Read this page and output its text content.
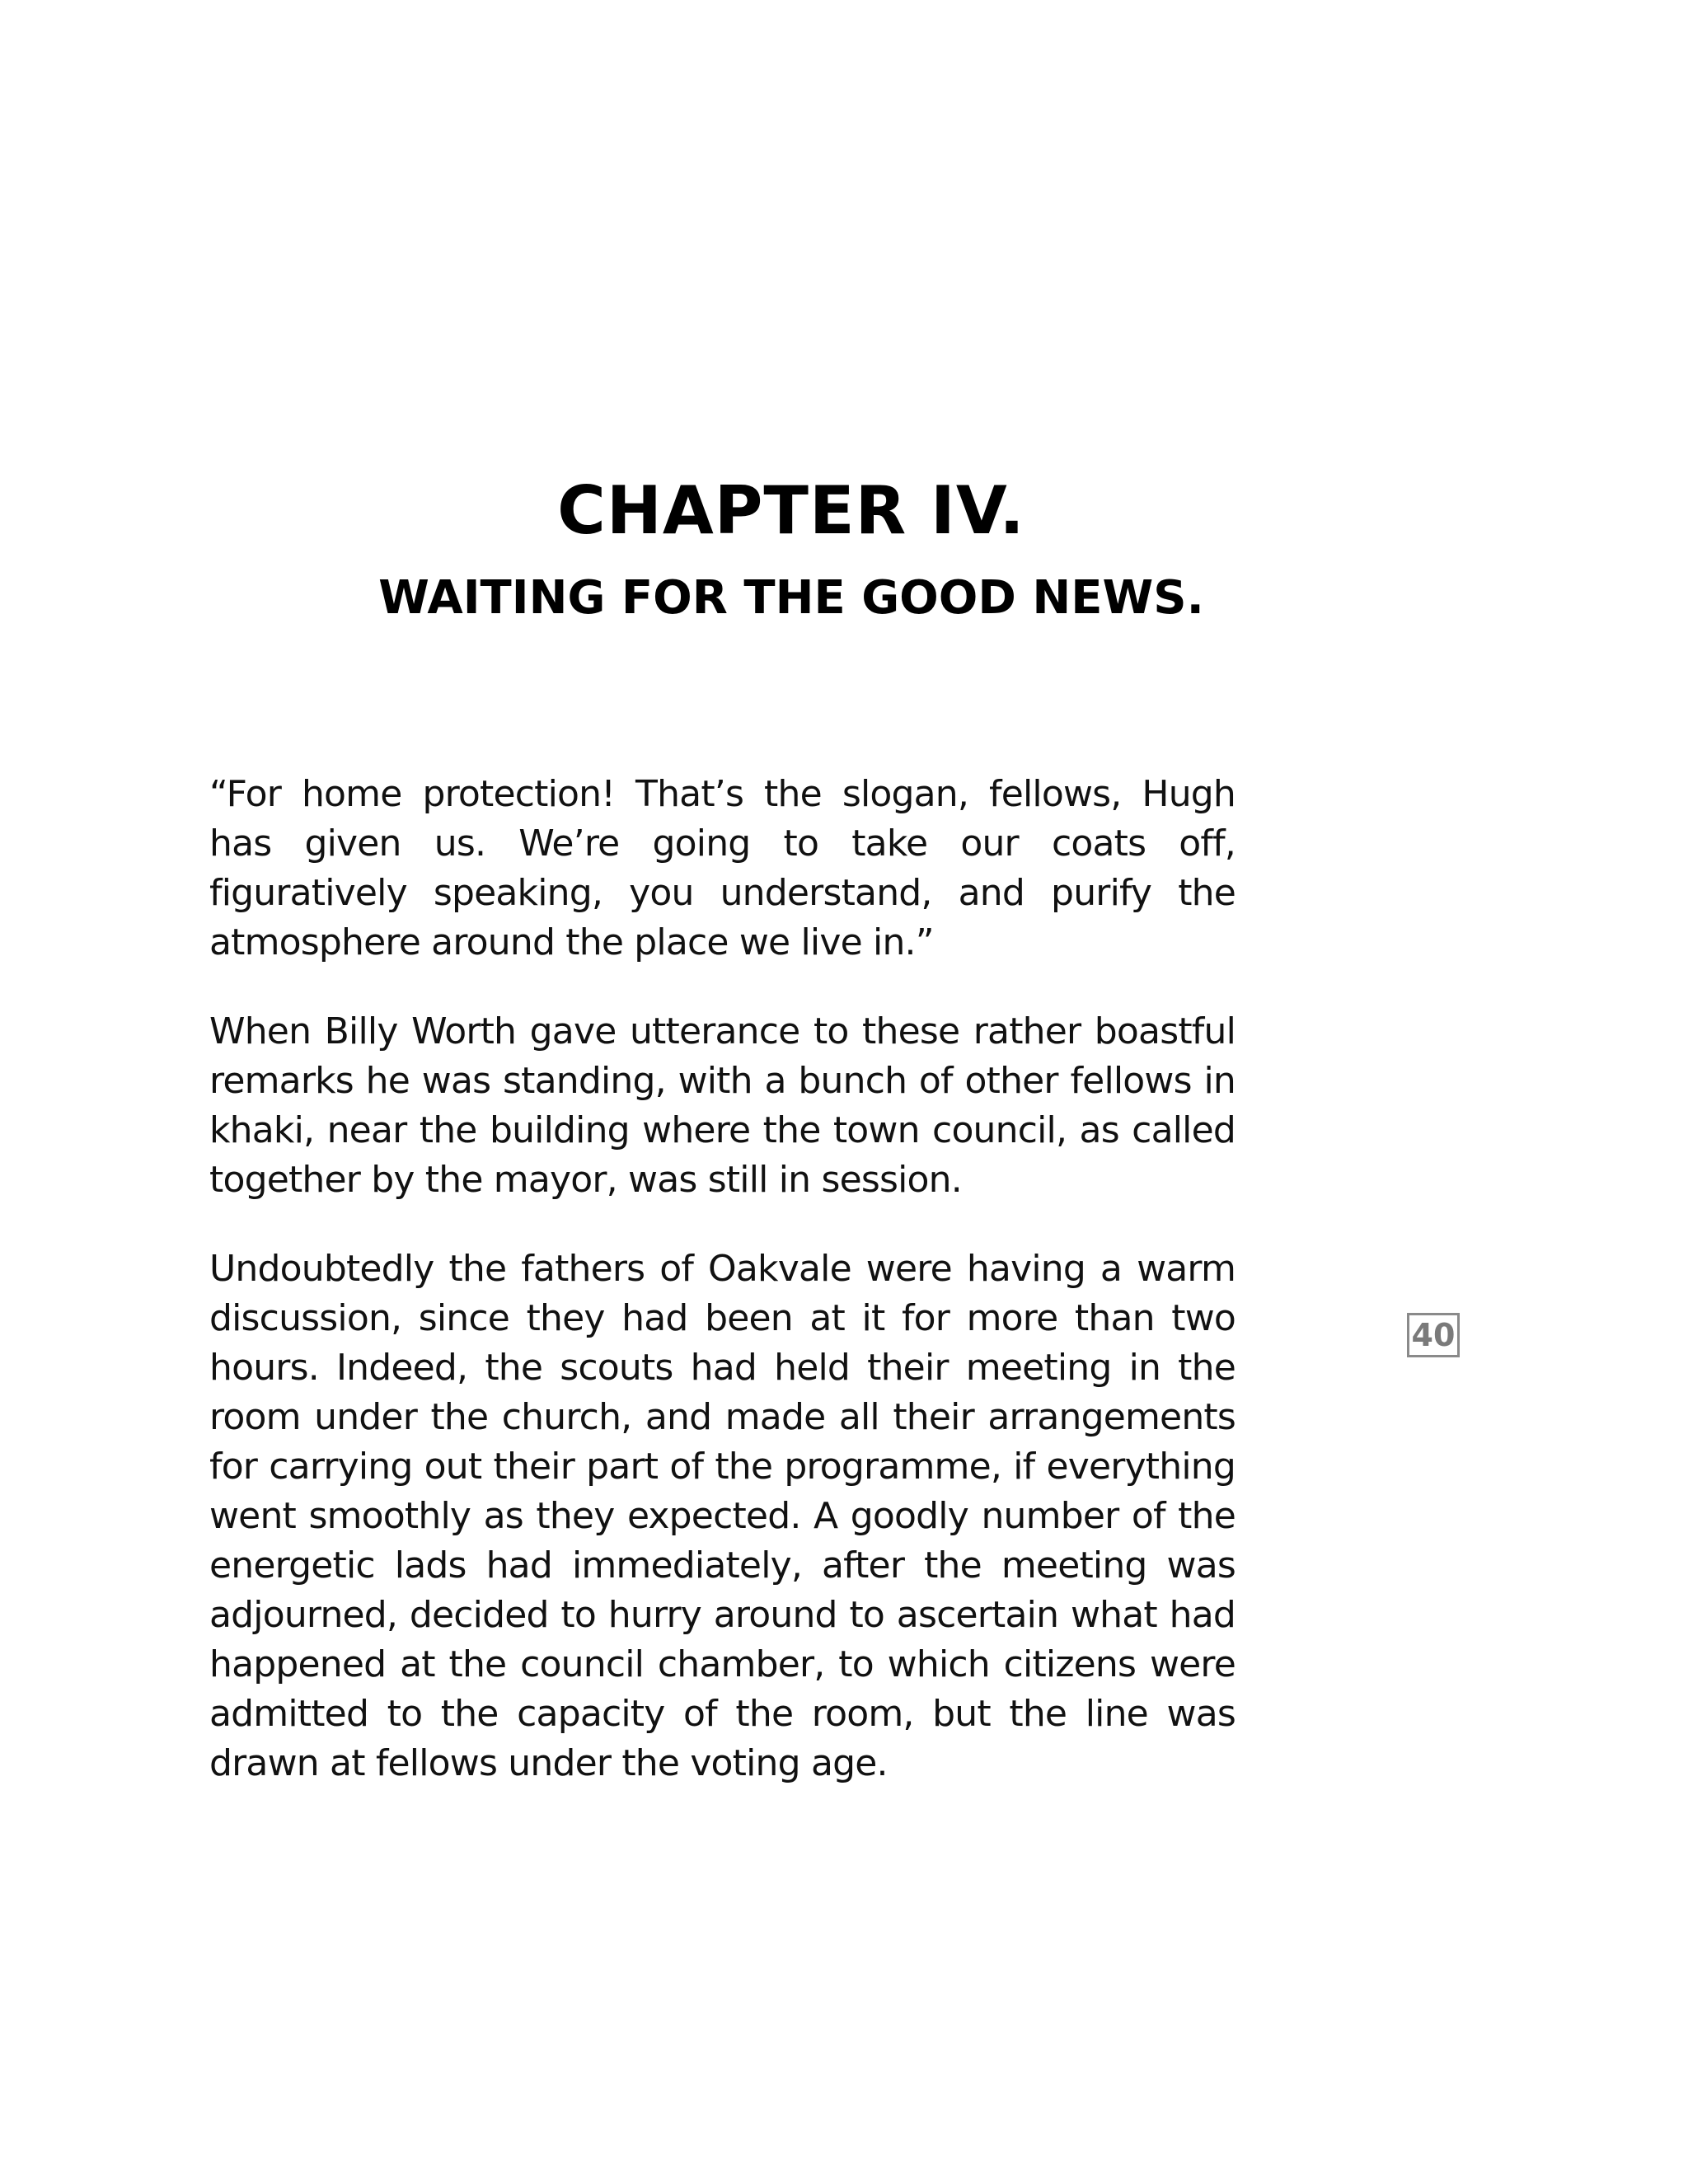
CHAPTER IV.
WAITING FOR THE GOOD NEWS.

“For home protection! That’s the slogan, fellows, Hugh has given us. We’re going to take our coats off, figuratively speaking, you understand, and purify the atmosphere around the place we live in.”

When Billy Worth gave utterance to these rather boastful remarks he was standing, with a bunch of other fellows in khaki, near the building where the town council, as called together by the mayor, was still in session.

Undoubtedly the fathers of Oakvale were having a warm discussion, since they had been at it for more than two hours. Indeed, the scouts had held their meeting in the room under the church, and made all their arrangements for carrying out their part of the programme, if everything went smoothly as they expected. A goodly number of the energetic lads had immediately, after the meeting was adjourned, decided to hurry around to ascertain what had happened at the council chamber, to which citizens were admitted to the capacity of the room, but the line was drawn at fellows under the voting age.

40
